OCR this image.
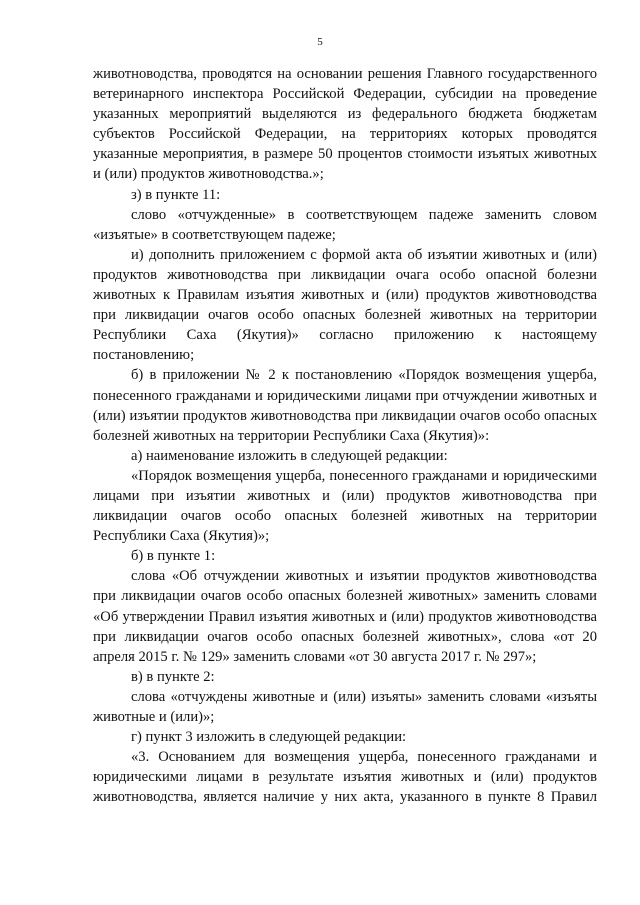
5

животноводства, проводятся на основании решения Главного государственного ветеринарного инспектора Российской Федерации, субсидии на проведение указанных мероприятий выделяются из федерального бюджета бюджетам субъектов Российской Федерации, на территориях которых проводятся указанные мероприятия, в размере 50 процентов стоимости изъятых животных и (или) продуктов животноводства.»;

з) в пункте 11:

слово «отчужденные» в соответствующем падеже заменить словом «изъятые» в соответствующем падеже;

и) дополнить приложением с формой акта об изъятии животных и (или) продуктов животноводства при ликвидации очага особо опасной болезни животных к Правилам изъятия животных и (или) продуктов животноводства при ликвидации очагов особо опасных болезней животных на территории Республики Саха (Якутия)» согласно приложению к настоящему постановлению;

б) в приложении № 2 к постановлению «Порядок возмещения ущерба, понесенного гражданами и юридическими лицами при отчуждении животных и (или) изъятии продуктов животноводства при ликвидации очагов особо опасных болезней животных на территории Республики Саха (Якутия)»:

а) наименование изложить в следующей редакции:

«Порядок возмещения ущерба, понесенного гражданами и юридическими лицами при изъятии животных и (или) продуктов животноводства при ликвидации очагов особо опасных болезней животных на территории Республики Саха (Якутия)»;

б) в пункте 1:

слова «Об отчуждении животных и изъятии продуктов животноводства при ликвидации очагов особо опасных болезней животных» заменить словами «Об утверждении Правил изъятия животных и (или) продуктов животноводства при ликвидации очагов особо опасных болезней животных», слова «от 20 апреля 2015 г. № 129» заменить словами «от 30 августа 2017 г. № 297»;

в) в пункте 2:

слова «отчуждены животные и (или) изъяты» заменить словами «изъяты животные и (или)»;

г) пункт 3 изложить в следующей редакции:

«3. Основанием для возмещения ущерба, понесенного гражданами и юридическими лицами в результате изъятия животных и (или) продуктов животноводства, является наличие у них акта, указанного в пункте 8 Правил
